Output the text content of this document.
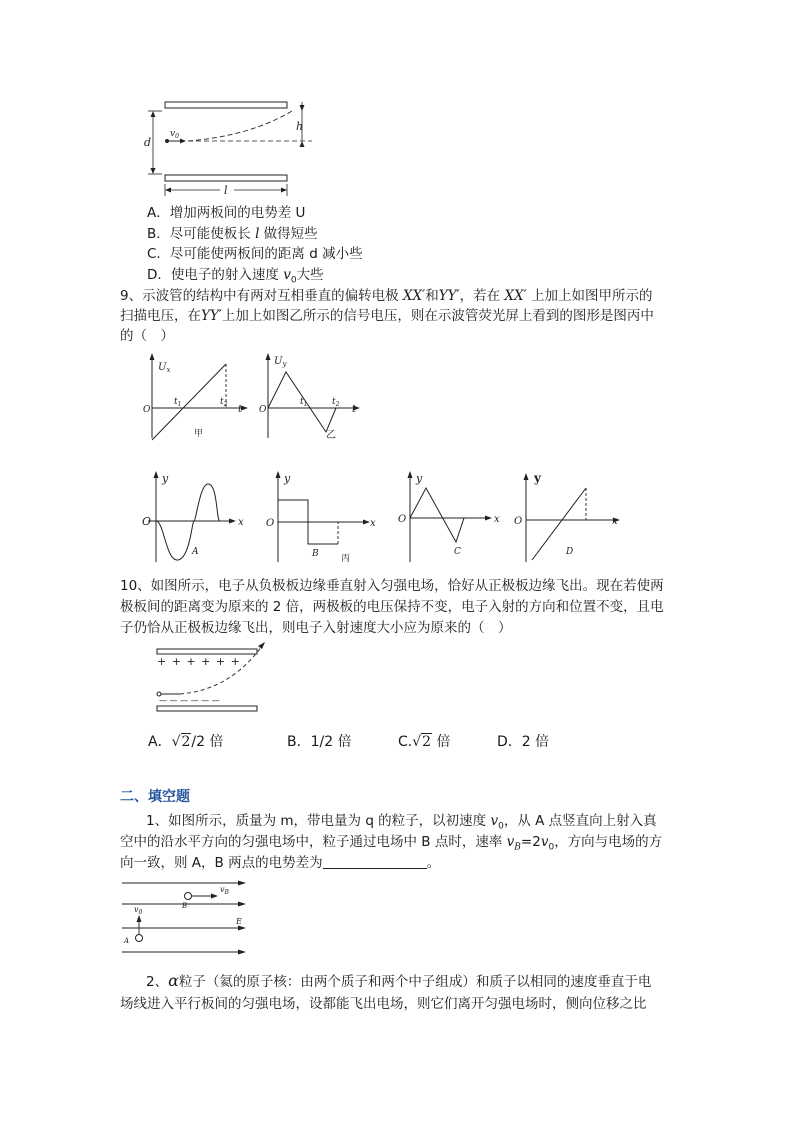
d
$v_0$
h
l
A．增加两板间的电势差 U
B．尽可能使板长 l 做得短些
C．尽可能使两板间的距离 d 减小些
D．使电子的射入速度 $v_0$大些
9、示波管的结构中有两对互相垂直的偏转电极 XX′和YY′，若在 XX′ 上加上如图甲所示的
扫描电压，在YY′上加上如图乙所示的信号电压，则在示波管荧光屏上看到的图形是图丙中
的（　）
$U_x$
O
$t_1$	$t_2$ t
甲
$U_y$
O
$t_1$	$t_2$ t
乙
y
O	x
A
y
O	x
B 丙
y
O	x
C
y
O	x
D
10、如图所示，电子从负极板边缘垂直射入匀强电场，恰好从正极板边缘飞出。现在若使两
极板间的距离变为原来的 2 倍，两极板的电压保持不变，电子入射的方向和位置不变，且电
子仍恰从正极板边缘飞出，则电子入射速度大小应为原来的（　）
+ + + + + +
— — — — — —
A．√2/2 倍	B．1/2 倍	C.√2 倍	D．2 倍
二、填空题
1、如图所示，质量为 m，带电量为 q 的粒子，以初速度 $v_0$，从 A 点竖直向上射入真
空中的沿水平方向的匀强电场中，粒子通过电场中 B 点时，速率 $v_B=2v_0$，方向与电场的方
向一致，则 A，B 两点的电势差为	。
$v_B$
B
$v_0$
A
E
2、α粒子（氦的原子核：由两个质子和两个中子组成）和质子以相同的速度垂直于电
场线进入平行板间的匀强电场，设都能飞出电场，则它们离开匀强电场时，侧向位移之比
